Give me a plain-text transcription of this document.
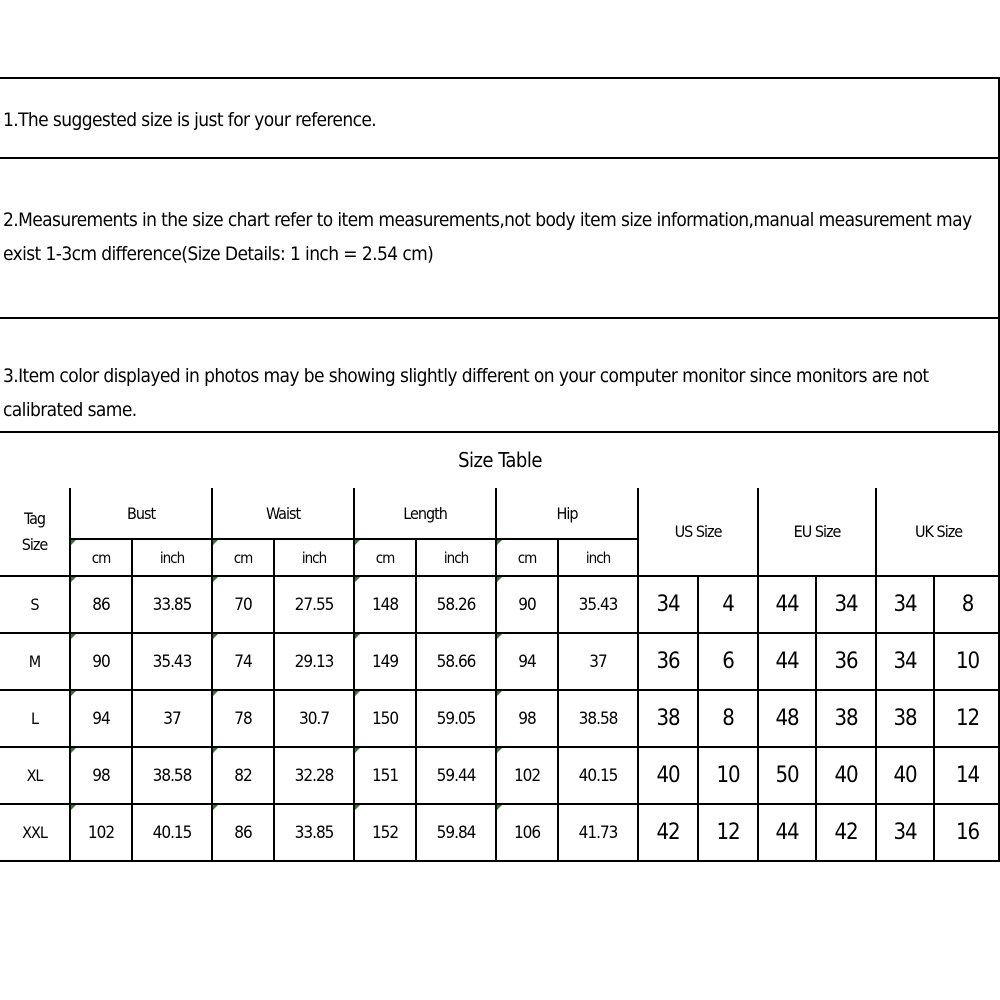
1.The suggested size is just for your reference.
2.Measurements in the size chart refer to item measurements,not body item size information,manual measurement may exist 1-3cm difference(Size Details: 1 inch = 2.54 cm)
3.Item color displayed in photos may be showing slightly different on your computer monitor since monitors are not calibrated same.
Size Table
Tag
Size	Bust		Waist		Length		Hip		US Size		EU Size		UK Size	
	cm	inch	cm	inch	cm	inch	cm	inch						
S	86	33.85	70	27.55	148	58.26	90	35.43	34	4	44	34	34	8
M	90	35.43	74	29.13	149	58.66	94	37	36	6	44	36	34	10
L	94	37	78	30.7	150	59.05	98	38.58	38	8	48	38	38	12
XL	98	38.58	82	32.28	151	59.44	102	40.15	40	10	50	40	40	14
XXL	102	40.15	86	33.85	152	59.84	106	41.73	42	12	44	42	34	16
